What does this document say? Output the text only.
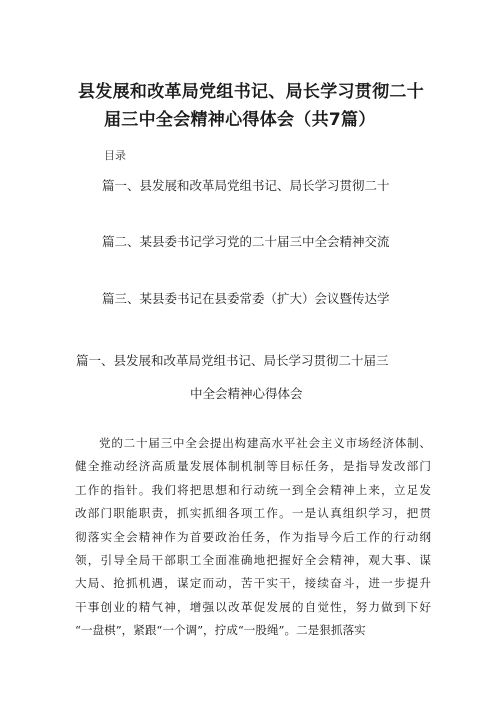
县发展和改革局党组书记、局长学习贯彻二十
届三中全会精神心得体会（共7篇）
目录
篇一、县发展和改革局党组书记、局长学习贯彻二十
篇二、某县委书记学习党的二十届三中全会精神交流
篇三、某县委书记在县委常委（扩大）会议暨传达学
篇一、县发展和改革局党组书记、局长学习贯彻二十届三
中全会精神心得体会

党的二十届三中全会提出构建高水平社会主义市场经济体制、
健全推动经济高质量发展体制机制等目标任务，是指导发改部门
工作的指针。我们将把思想和行动统一到全会精神上来，立足发
改部门职能职责，抓实抓细各项工作。一是认真组织学习，把贯
彻落实全会精神作为首要政治任务，作为指导今后工作的行动纲
领，引导全局干部职工全面准确地把握好全会精神，观大事、谋
大局、抢抓机遇，谋定而动，苦干实干，接续奋斗，进一步提升
干事创业的精气神，增强以改革促发展的自觉性，努力做到下好
“一盘棋”，紧跟“一个调”，拧成“一股绳”。二是狠抓落实
